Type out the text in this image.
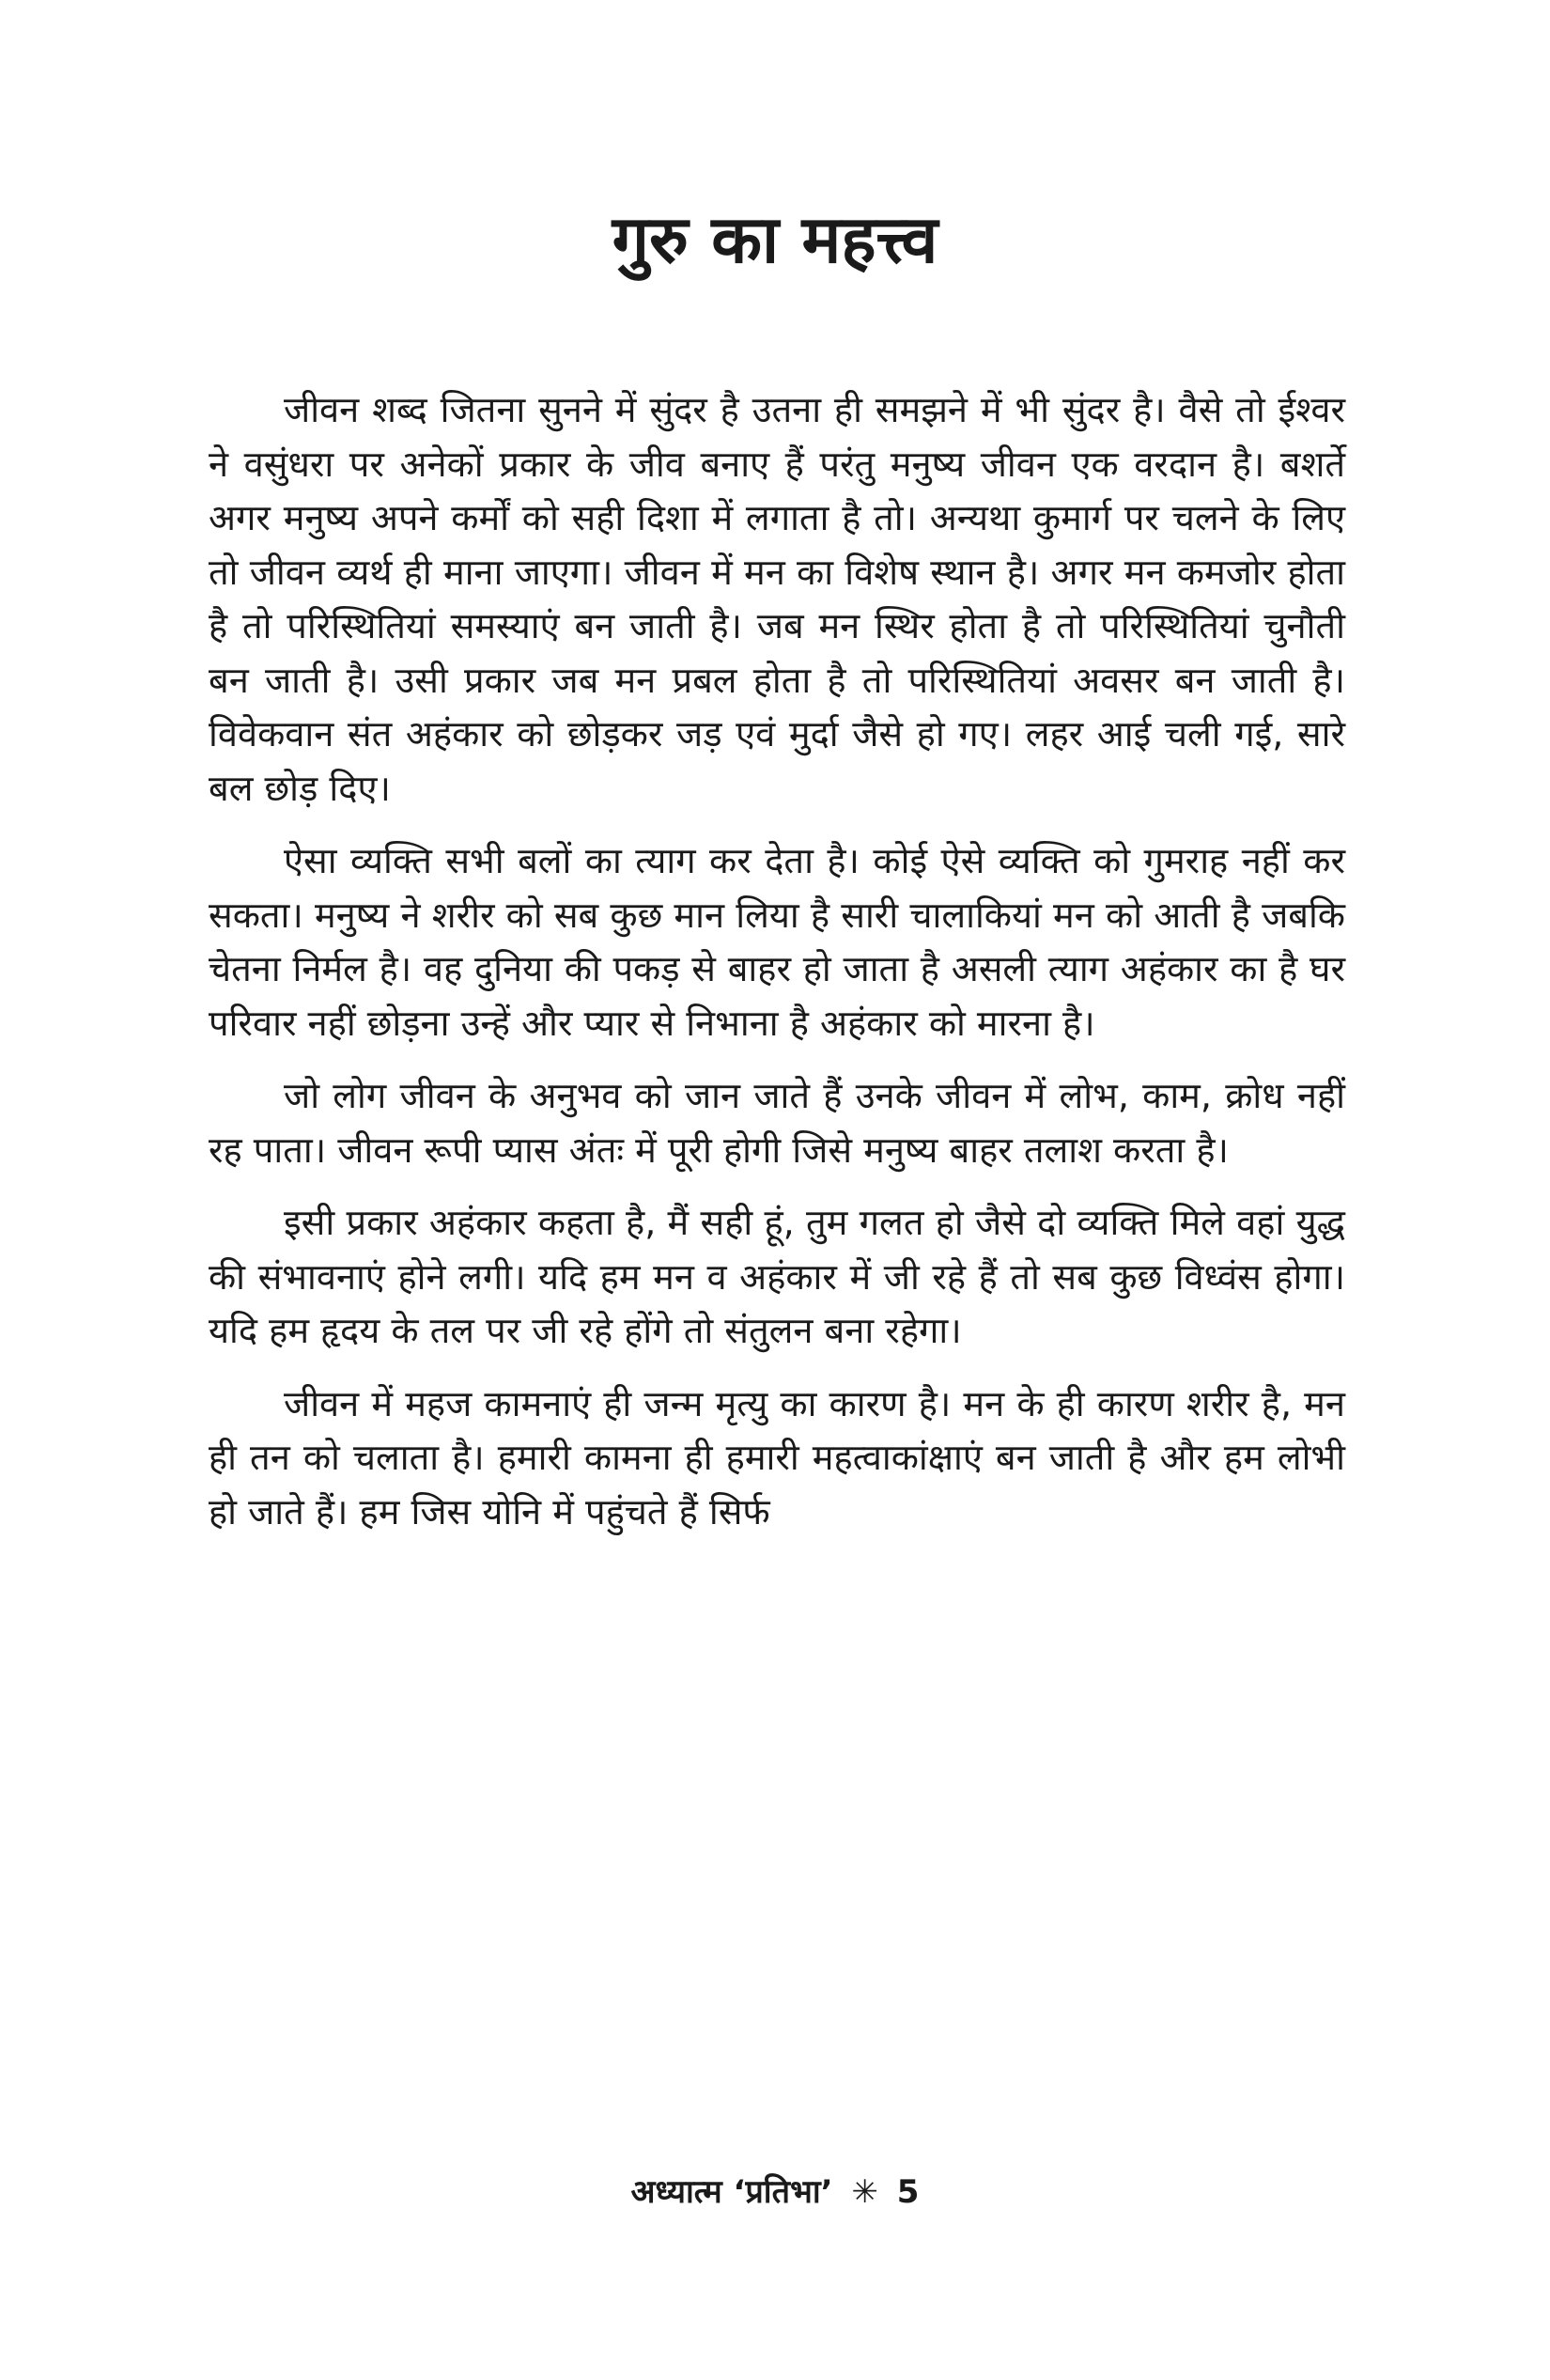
गुरु का महत्त्व

जीवन शब्द जितना सुनने में सुंदर है उतना ही समझने में भी सुंदर है। वैसे तो ईश्वर ने वसुंधरा पर अनेकों प्रकार के जीव बनाए हैं परंतु मनुष्य जीवन एक वरदान है। बशर्ते अगर मनुष्य अपने कर्मों को सही दिशा में लगाता है तो। अन्यथा कुमार्ग पर चलने के लिए तो जीवन व्यर्थ ही माना जाएगा। जीवन में मन का विशेष स्थान है। अगर मन कमजोर होता है तो परिस्थितियां समस्याएं बन जाती है। जब मन स्थिर होता है तो परिस्थितियां चुनौती बन जाती है। उसी प्रकार जब मन प्रबल होता है तो परिस्थितियां अवसर बन जाती है। विवेकवान संत अहंकार को छोड़कर जड़ एवं मुर्दा जैसे हो गए। लहर आई चली गई, सारे बल छोड़ दिए।

ऐसा व्यक्ति सभी बलों का त्याग कर देता है। कोई ऐसे व्यक्ति को गुमराह नहीं कर सकता। मनुष्य ने शरीर को सब कुछ मान लिया है सारी चालाकियां मन को आती है जबकि चेतना निर्मल है। वह दुनिया की पकड़ से बाहर हो जाता है असली त्याग अहंकार का है घर परिवार नहीं छोड़ना उन्हें और प्यार से निभाना है अहंकार को मारना है।

जो लोग जीवन के अनुभव को जान जाते हैं उनके जीवन में लोभ, काम, क्रोध नहीं रह पाता। जीवन रूपी प्यास अंतः में पूरी होगी जिसे मनुष्य बाहर तलाश करता है।

इसी प्रकार अहंकार कहता है, मैं सही हूं, तुम गलत हो जैसे दो व्यक्ति मिले वहां युद्ध की संभावनाएं होने लगी। यदि हम मन व अहंकार में जी रहे हैं तो सब कुछ विध्वंस होगा। यदि हम हृदय के तल पर जी रहे होंगे तो संतुलन बना रहेगा।

जीवन में महज कामनाएं ही जन्म मृत्यु का कारण है। मन के ही कारण शरीर है, मन ही तन को चलाता है। हमारी कामना ही हमारी महत्वाकांक्षाएं बन जाती है और हम लोभी हो जाते हैं। हम जिस योनि में पहुंचते हैं सिर्फ

अध्यात्म ‘प्रतिभा’ ✳ 5
